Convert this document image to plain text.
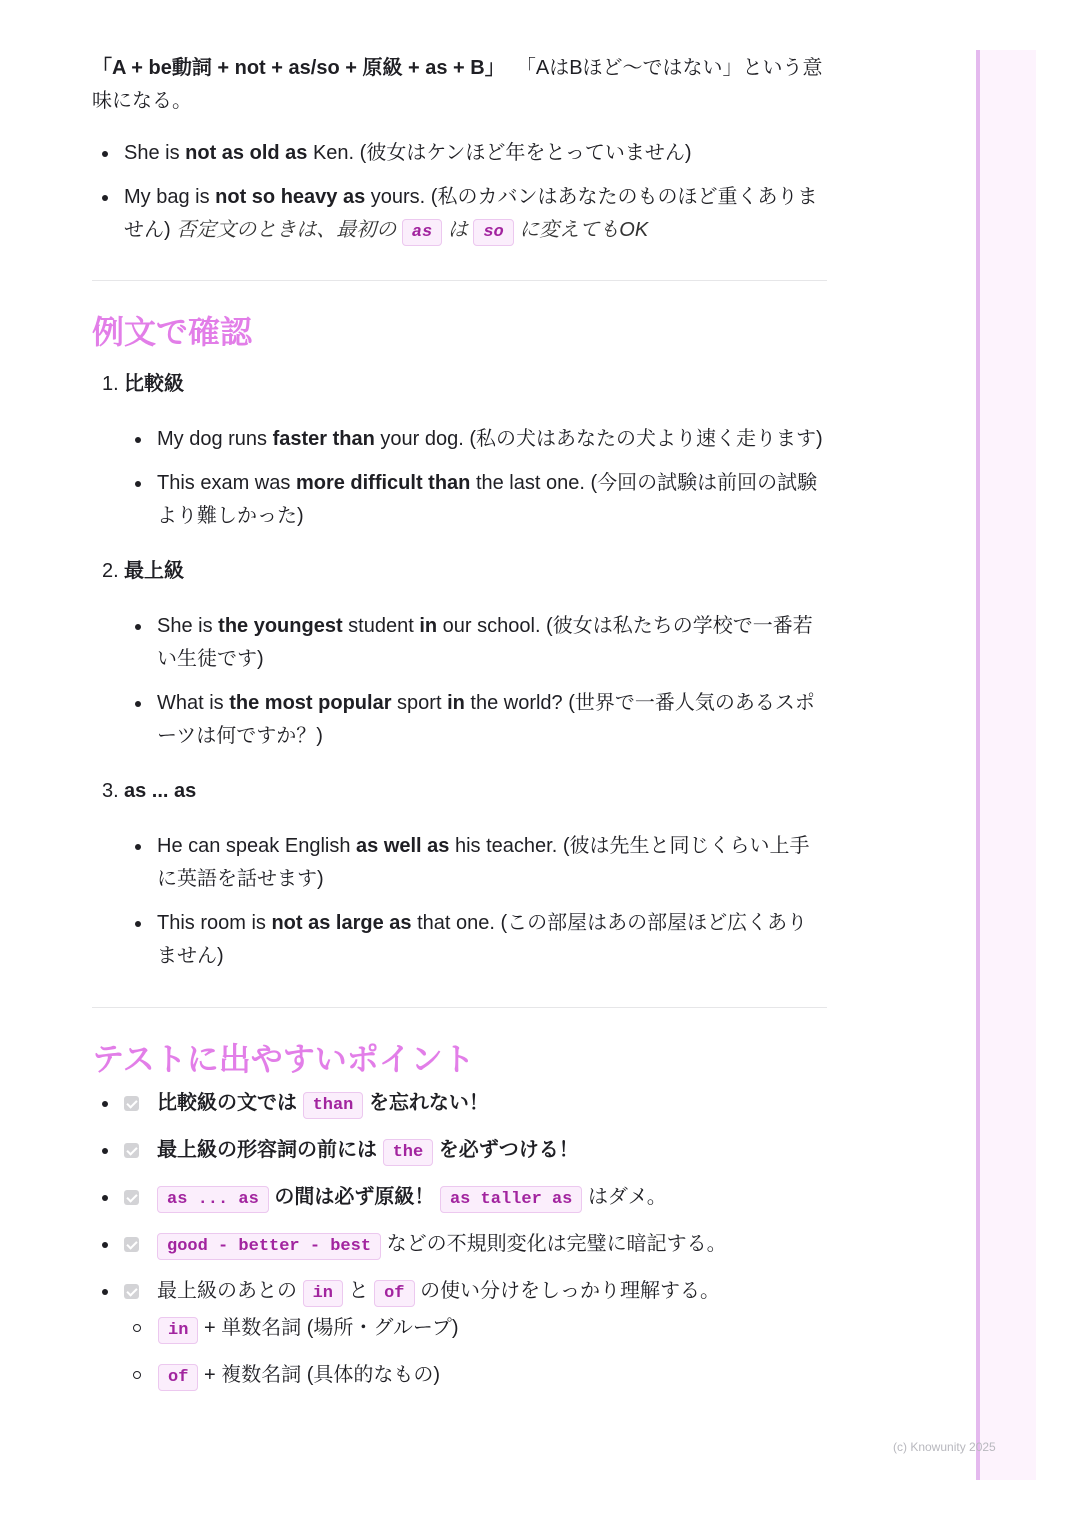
「A + be動詞 + not + as/so + 原級 + as + B」 「AはBほど〜ではない」という意味になる。

She is not as old as Ken. (彼女はケンほど年をとっていません)
My bag is not so heavy as yours. (私のカバンはあなたのものほど重くありません) 否定文のときは、最初の as は so に変えてもOK
例文で確認
1. 比較級
My dog runs faster than your dog. (私の犬はあなたの犬より速く走ります)
This exam was more difficult than the last one. (今回の試験は前回の試験より難しかった)
2. 最上級
She is the youngest student in our school. (彼女は私たちの学校で一番若い生徒です)
What is the most popular sport in the world? (世界で一番人気のあるスポーツは何ですか？)
3. as ... as
He can speak English as well as his teacher. (彼は先生と同じくらい上手に英語を話せます)
This room is not as large as that one. (この部屋はあの部屋ほど広くありません)
テストに出やすいポイント
比較級の文では than を忘れない！
最上級の形容詞の前には the を必ずつける！
as ... as の間は必ず原級！ as taller as はダメ。
good - better - best などの不規則変化は完璧に暗記する。
最上級のあとの in と of の使い分けをしっかり理解する。
in + 単数名詞 (場所・グループ)
of + 複数名詞 (具体的なもの)
(c) Knowunity 2025
